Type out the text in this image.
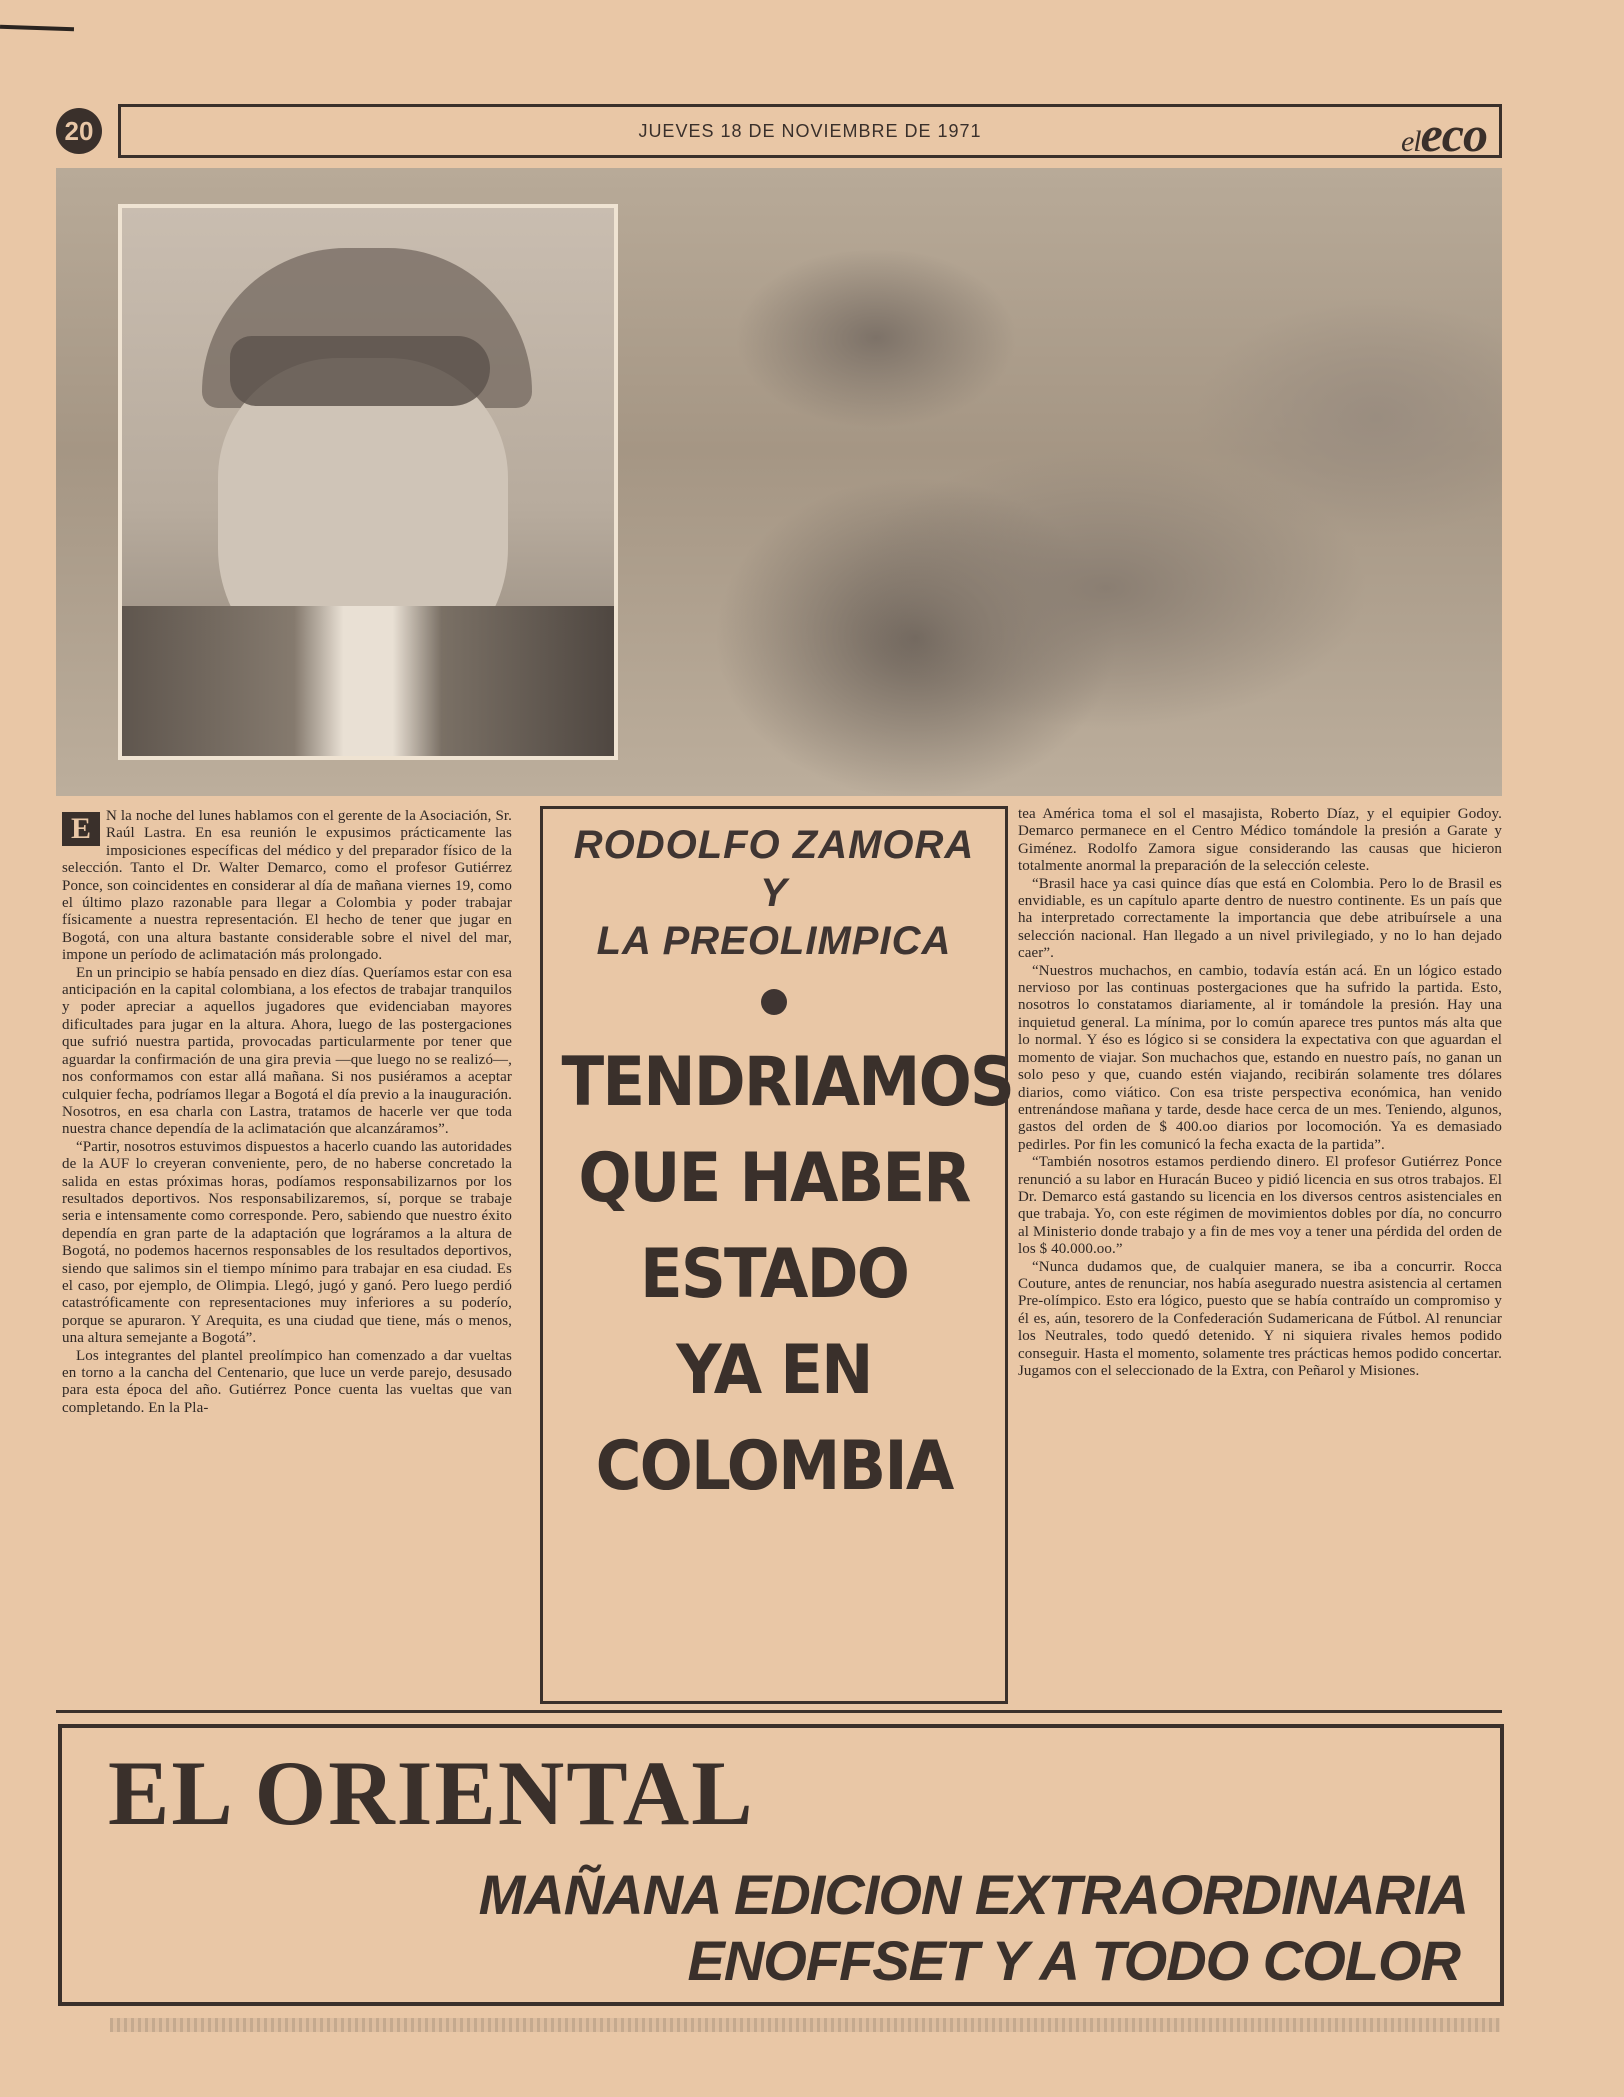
20	JUEVES 18 DE NOVIEMBRE DE 1971	eleco

E N la noche del lunes hablamos con el gerente de la Asociación, Sr. Raúl Lastra. En esa reunión le expusimos prácticamente las imposiciones específicas del médico y del preparador físico de la selección. Tanto el Dr. Walter Demarco, como el profesor Gutiérrez Ponce, son coincidentes en considerar al día de mañana viernes 19, como el último plazo razonable para llegar a Colombia y poder trabajar físicamente a nuestra representación. El hecho de tener que jugar en Bogotá, con una altura bastante considerable sobre el nivel del mar, impone un período de aclimatación más prolongado.

En un principio se había pensado en diez días. Queríamos estar con esa anticipación en la capital colombiana, a los efectos de trabajar tranquilos y poder apreciar a aquellos jugadores que evidenciaban mayores dificultades para jugar en la altura. Ahora, luego de las postergaciones que sufrió nuestra partida, provocadas particularmente por tener que aguardar la confirmación de una gira previa —que luego no se realizó—, nos conformamos con estar allá mañana. Si nos pusiéramos a aceptar culquier fecha, podríamos llegar a Bogotá el día previo a la inauguración. Nosotros, en esa charla con Lastra, tratamos de hacerle ver que toda nuestra chance dependía de la aclimatación que alcanzáramos”.

“Partir, nosotros estuvimos dispuestos a hacerlo cuando las autoridades de la AUF lo creyeran conveniente, pero, de no haberse concretado la salida en estas próximas horas, podíamos responsabilizarnos por los resultados deportivos. Nos responsabilizaremos, sí, porque se trabaje seria e intensamente como corresponde. Pero, sabiendo que nuestro éxito dependía en gran parte de la adaptación que lográramos a la altura de Bogotá, no podemos hacernos responsables de los resultados deportivos, siendo que salimos sin el tiempo mínimo para trabajar en esa ciudad. Es el caso, por ejemplo, de Olimpia. Llegó, jugó y ganó. Pero luego perdió catastróficamente con representaciones muy inferiores a su poderío, porque se apuraron. Y Arequita, es una ciudad que tiene, más o menos, una altura semejante a Bogotá”.

Los integrantes del plantel preolímpico han comenzado a dar vueltas en torno a la cancha del Centenario, que luce un verde parejo, desusado para esta época del año. Gutiérrez Ponce cuenta las vueltas que van completando. En la Pla-

RODOLFO ZAMORA
Y
LA PREOLIMPICA
TENDRIAMOS
QUE HABER
ESTADO
YA EN
COLOMBIA

tea América toma el sol el masajista, Roberto Díaz, y el equipier Godoy. Demarco permanece en el Centro Médico tomándole la presión a Garate y Giménez. Rodolfo Zamora sigue considerando las causas que hicieron totalmente anormal la preparación de la selección celeste.

“Brasil hace ya casi quince días que está en Colombia. Pero lo de Brasil es envidiable, es un capítulo aparte dentro de nuestro continente. Es un país que ha interpretado correctamente la importancia que debe atribuírsele a una selección nacional. Han llegado a un nivel privilegiado, y no lo han dejado caer”.

“Nuestros muchachos, en cambio, todavía están acá. En un lógico estado nervioso por las continuas postergaciones que ha sufrido la partida. Esto, nosotros lo constatamos diariamente, al ir tomándole la presión. Hay una inquietud general. La mínima, por lo común aparece tres puntos más alta que lo normal. Y éso es lógico si se considera la expectativa con que aguardan el momento de viajar. Son muchachos que, estando en nuestro país, no ganan un solo peso y que, cuando estén viajando, recibirán solamente tres dólares diarios, como viático. Con esa triste perspectiva económica, han venido entrenándose mañana y tarde, desde hace cerca de un mes. Teniendo, algunos, gastos del orden de $ 400.oo diarios por locomoción. Ya es demasiado pedirles. Por fin les comunicó la fecha exacta de la partida”.

“También nosotros estamos perdiendo dinero. El profesor Gutiérrez Ponce renunció a su labor en Huracán Buceo y pidió licencia en sus otros trabajos. El Dr. Demarco está gastando su licencia en los diversos centros asistenciales en que trabaja. Yo, con este régimen de movimientos dobles por día, no concurro al Ministerio donde trabajo y a fin de mes voy a tener una pérdida del orden de los $ 40.000.oo.”

“Nunca dudamos que, de cualquier manera, se iba a concurrir. Rocca Couture, antes de renunciar, nos había asegurado nuestra asistencia al certamen Pre-olímpico. Esto era lógico, puesto que se había contraído un compromiso y él es, aún, tesorero de la Confederación Sudamericana de Fútbol. Al renunciar los Neutrales, todo quedó detenido. Y ni siquiera rivales hemos podido conseguir. Hasta el momento, solamente tres prácticas hemos podido concertar. Jugamos con el seleccionado de la Extra, con Peñarol y Misiones.

EL ORIENTAL
MAÑANA EDICION EXTRAORDINARIA
ENOFFSET Y A TODO COLOR
